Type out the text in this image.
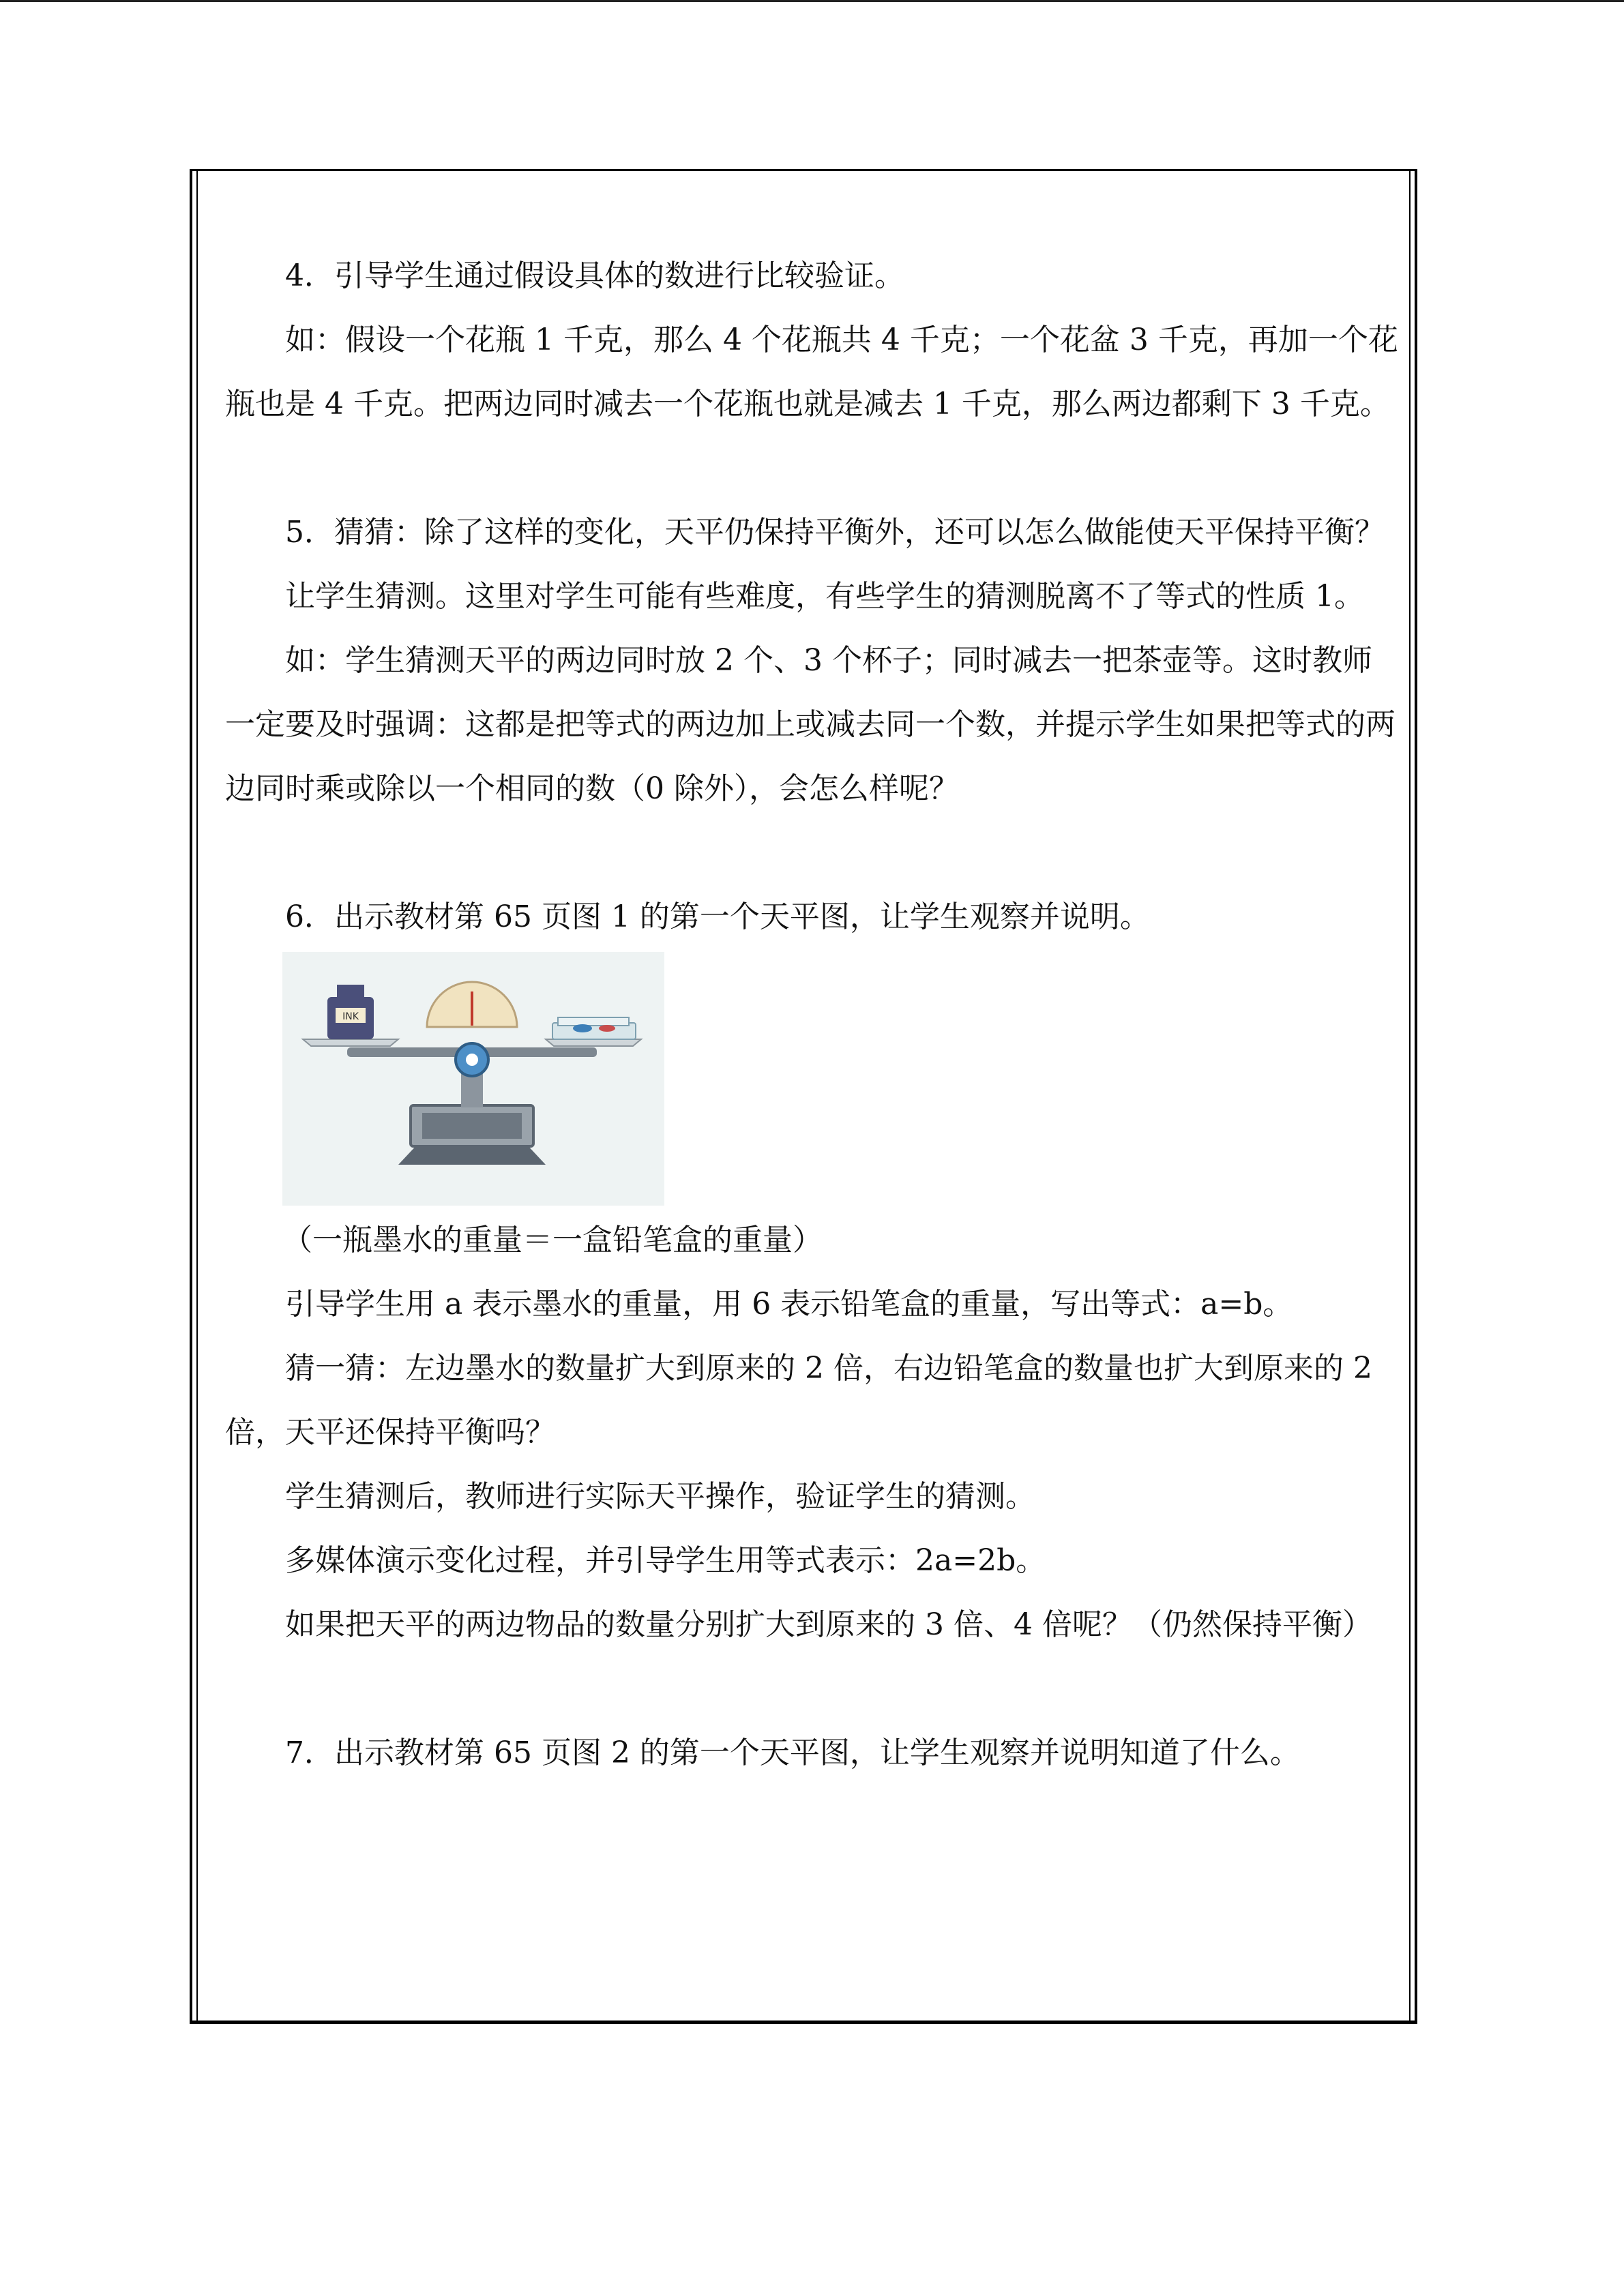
4．引导学生通过假设具体的数进行比较验证。

如：假设一个花瓶 1 千克，那么 4 个花瓶共 4 千克；一个花盆 3 千克，再加一个花瓶也是 4 千克。把两边同时减去一个花瓶也就是减去 1 千克，那么两边都剩下 3 千克。

5．猜猜：除了这样的变化，天平仍保持平衡外，还可以怎么做能使天平保持平衡？

让学生猜测。这里对学生可能有些难度，有些学生的猜测脱离不了等式的性质 1。

如：学生猜测天平的两边同时放 2 个、3 个杯子；同时减去一把茶壶等。这时教师一定要及时强调：这都是把等式的两边加上或减去同一个数，并提示学生如果把等式的两边同时乘或除以一个相同的数（0 除外），会怎么样呢？

6．出示教材第 65 页图 1 的第一个天平图，让学生观察并说明。

INK

（一瓶墨水的重量＝一盒铅笔盒的重量）

引导学生用 a 表示墨水的重量，用 6 表示铅笔盒的重量，写出等式：a=b。

猜一猜：左边墨水的数量扩大到原来的 2 倍，右边铅笔盒的数量也扩大到原来的 2 倍，天平还保持平衡吗？

学生猜测后，教师进行实际天平操作，验证学生的猜测。

多媒体演示变化过程，并引导学生用等式表示：2a=2b。

如果把天平的两边物品的数量分别扩大到原来的 3 倍、4 倍呢？（仍然保持平衡）

7．出示教材第 65 页图 2 的第一个天平图，让学生观察并说明知道了什么。
